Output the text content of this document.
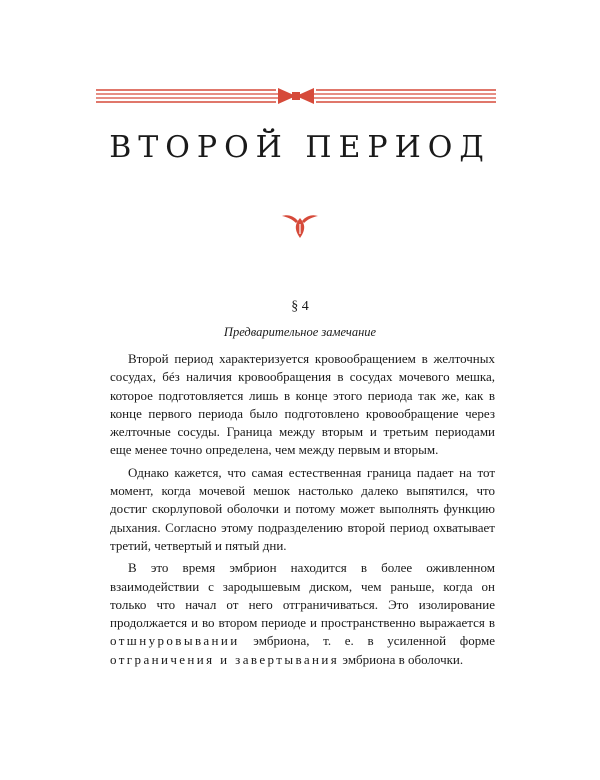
ВТОРОЙ ПЕРИОД
§ 4
Предварительное замечание

Второй период характеризуется кровообращением в желточных сосудах, бéз наличия кровообращения в сосудах мочевого мешка, которое подготовляется лишь в конце этого периода так же, как в конце первого периода было подготовлено кровообращение через желточные сосуды. Граница между вторым и третьим периодами еще менее точно определена, чем между первым и вторым.

Однако кажется, что самая естественная граница падает на тот момент, когда мочевой мешок настолько далеко выпятился, что достиг скорлуповой оболочки и потому может выполнять функцию дыхания. Согласно этому подразделению второй период охватывает третий, четвертый и пятый дни.

В это время эмбрион находится в более оживленном взаимодействии с зародышевым диском, чем раньше, когда он только что начал от него отграничиваться. Это изолирование продолжается и во втором периоде и пространственно выражается в отшнуровывании эмбриона, т. е. в усиленной форме отграничения и завертывания эмбриона в оболочки.
